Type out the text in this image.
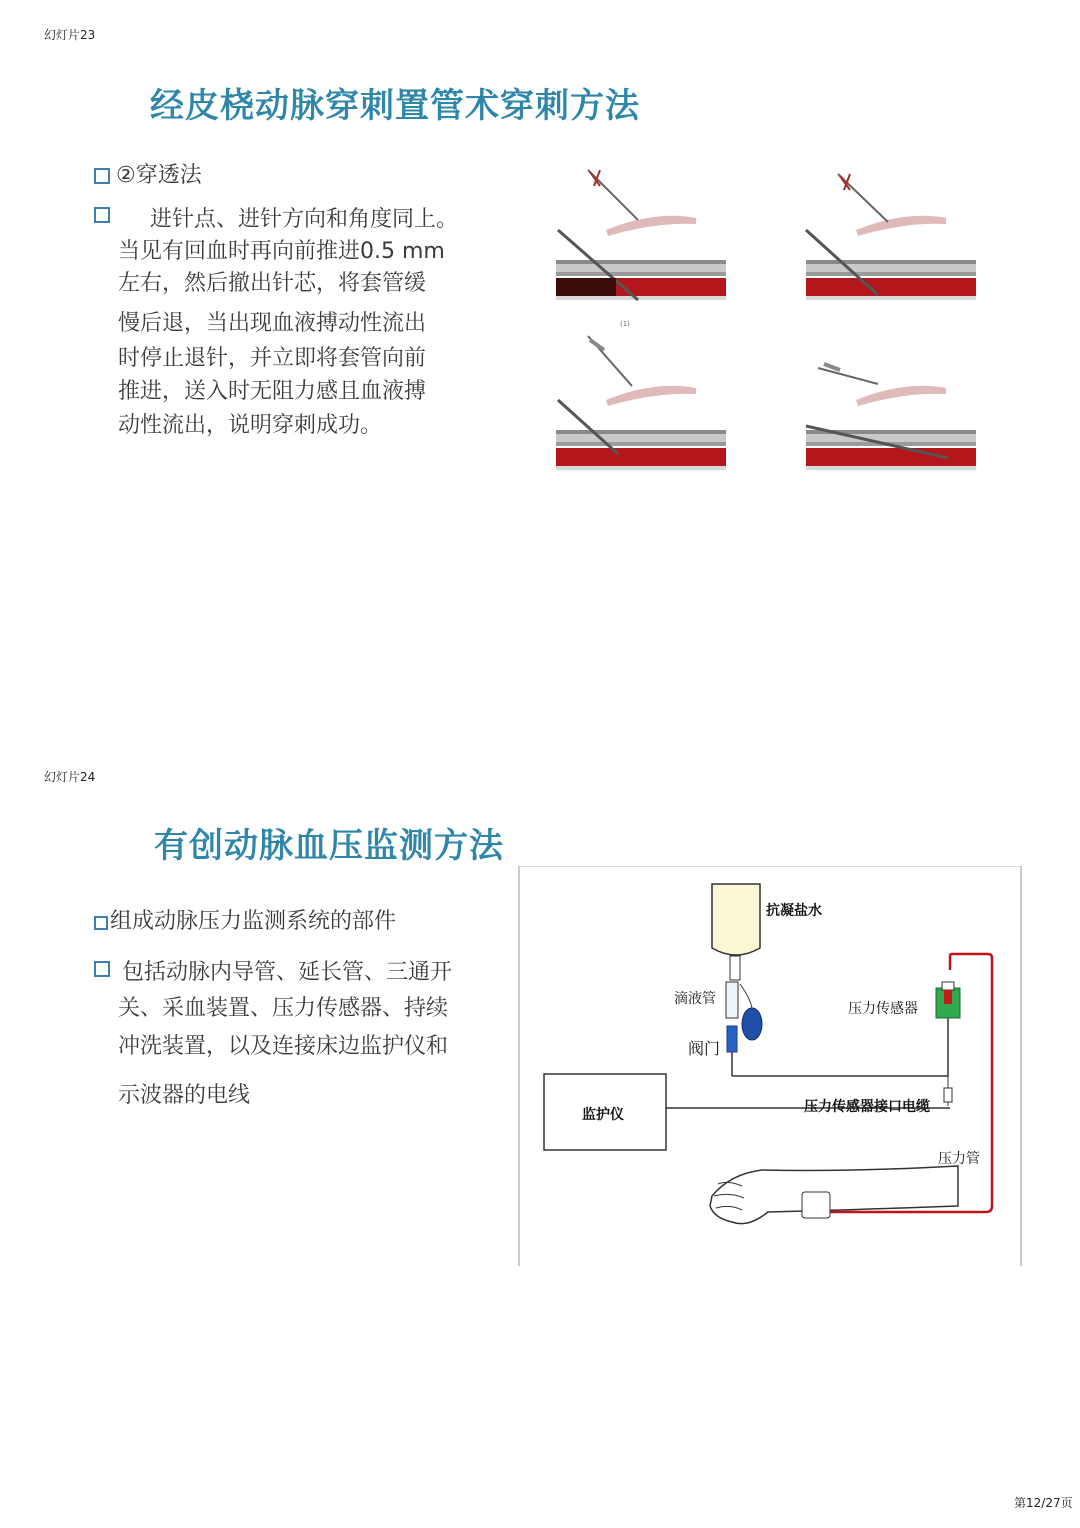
幻灯片23
经皮桡动脉穿刺置管术穿刺方法
②穿透法
进针点、进针方向和角度同上。
当见有回血时再向前推进0.5 mm
左右，然后撤出针芯，将套管缓
慢后退，当出现血液搏动性流出
时停止退针，并立即将套管向前
推进，送入时无阻力感且血液搏
动性流出，说明穿刺成功。
(1)
幻灯片24
有创动脉血压监测方法
组成动脉压力监测系统的部件
包括动脉内导管、延长管、三通开
关、采血装置、压力传感器、持续
冲洗装置，以及连接床边监护仪和
示波器的电线
抗凝盐水
滴液管
阀门
压力传感器
监护仪	压力传感器接口电缆
压力管
第12/27页
